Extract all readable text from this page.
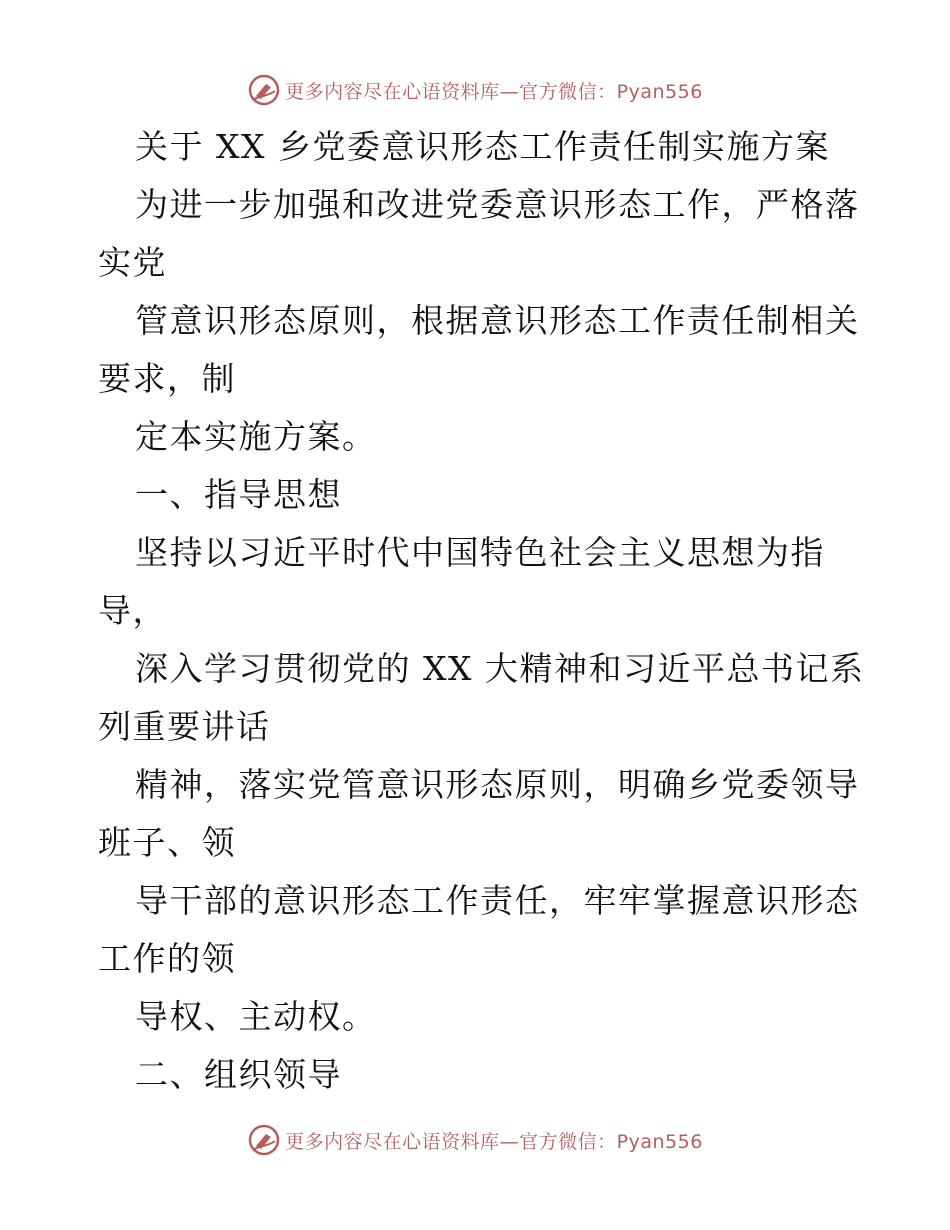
更多内容尽在心语资料库—官方微信：Pyan556
关于 XX 乡党委意识形态工作责任制实施方案
为进一步加强和改进党委意识形态工作，严格落
实党
管意识形态原则，根据意识形态工作责任制相关
要求，制
定本实施方案。
一、指导思想
坚持以习近平时代中国特色社会主义思想为指
导，
深入学习贯彻党的 XX 大精神和习近平总书记系
列重要讲话
精神，落实党管意识形态原则，明确乡党委领导
班子、领
导干部的意识形态工作责任，牢牢掌握意识形态
工作的领
导权、主动权。
二、组织领导
更多内容尽在心语资料库—官方微信：Pyan556
